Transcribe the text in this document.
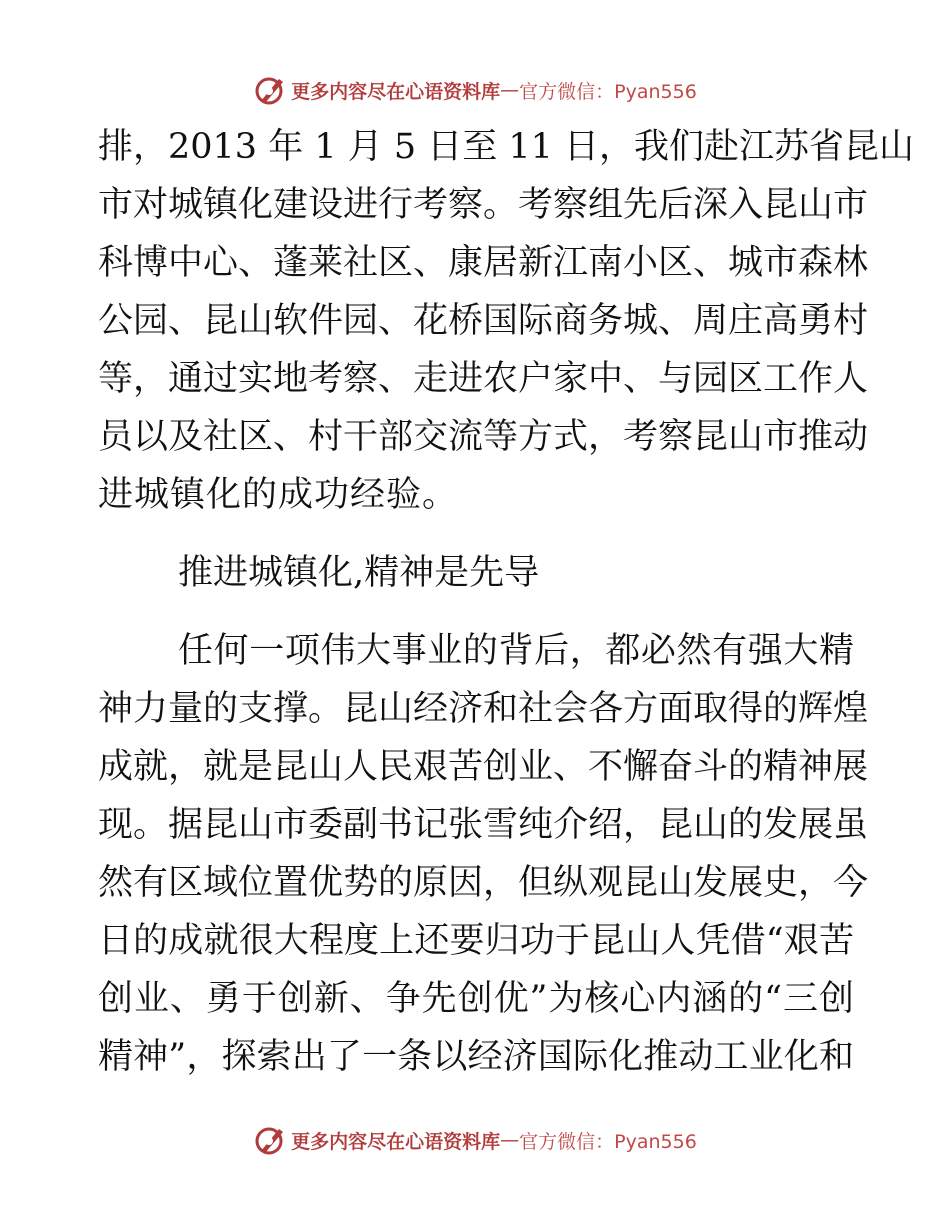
更多内容尽在心语资料库 — 官方微信：Pyan556
排，2013 年 1 月 5 日至 11 日，我们赴江苏省昆山
市对城镇化建设进行考察。考察组先后深入昆山市
科博中心、蓬莱社区、康居新江南小区、城市森林
公园、昆山软件园、花桥国际商务城、周庄高勇村
等，通过实地考察、走进农户家中、与园区工作人
员以及社区、村干部交流等方式，考察昆山市推动
进城镇化的成功经验。
推进城镇化,精神是先导
任何一项伟大事业的背后，都必然有强大精
神力量的支撑。昆山经济和社会各方面取得的辉煌
成就，就是昆山人民艰苦创业、不懈奋斗的精神展
现。据昆山市委副书记张雪纯介绍，昆山的发展虽
然有区域位置优势的原因，但纵观昆山发展史，今
日的成就很大程度上还要归功于昆山人凭借“艰苦
创业、勇于创新、争先创优”为核心内涵的“三创
精神”，探索出了一条以经济国际化推动工业化和
更多内容尽在心语资料库 — 官方微信：Pyan556
